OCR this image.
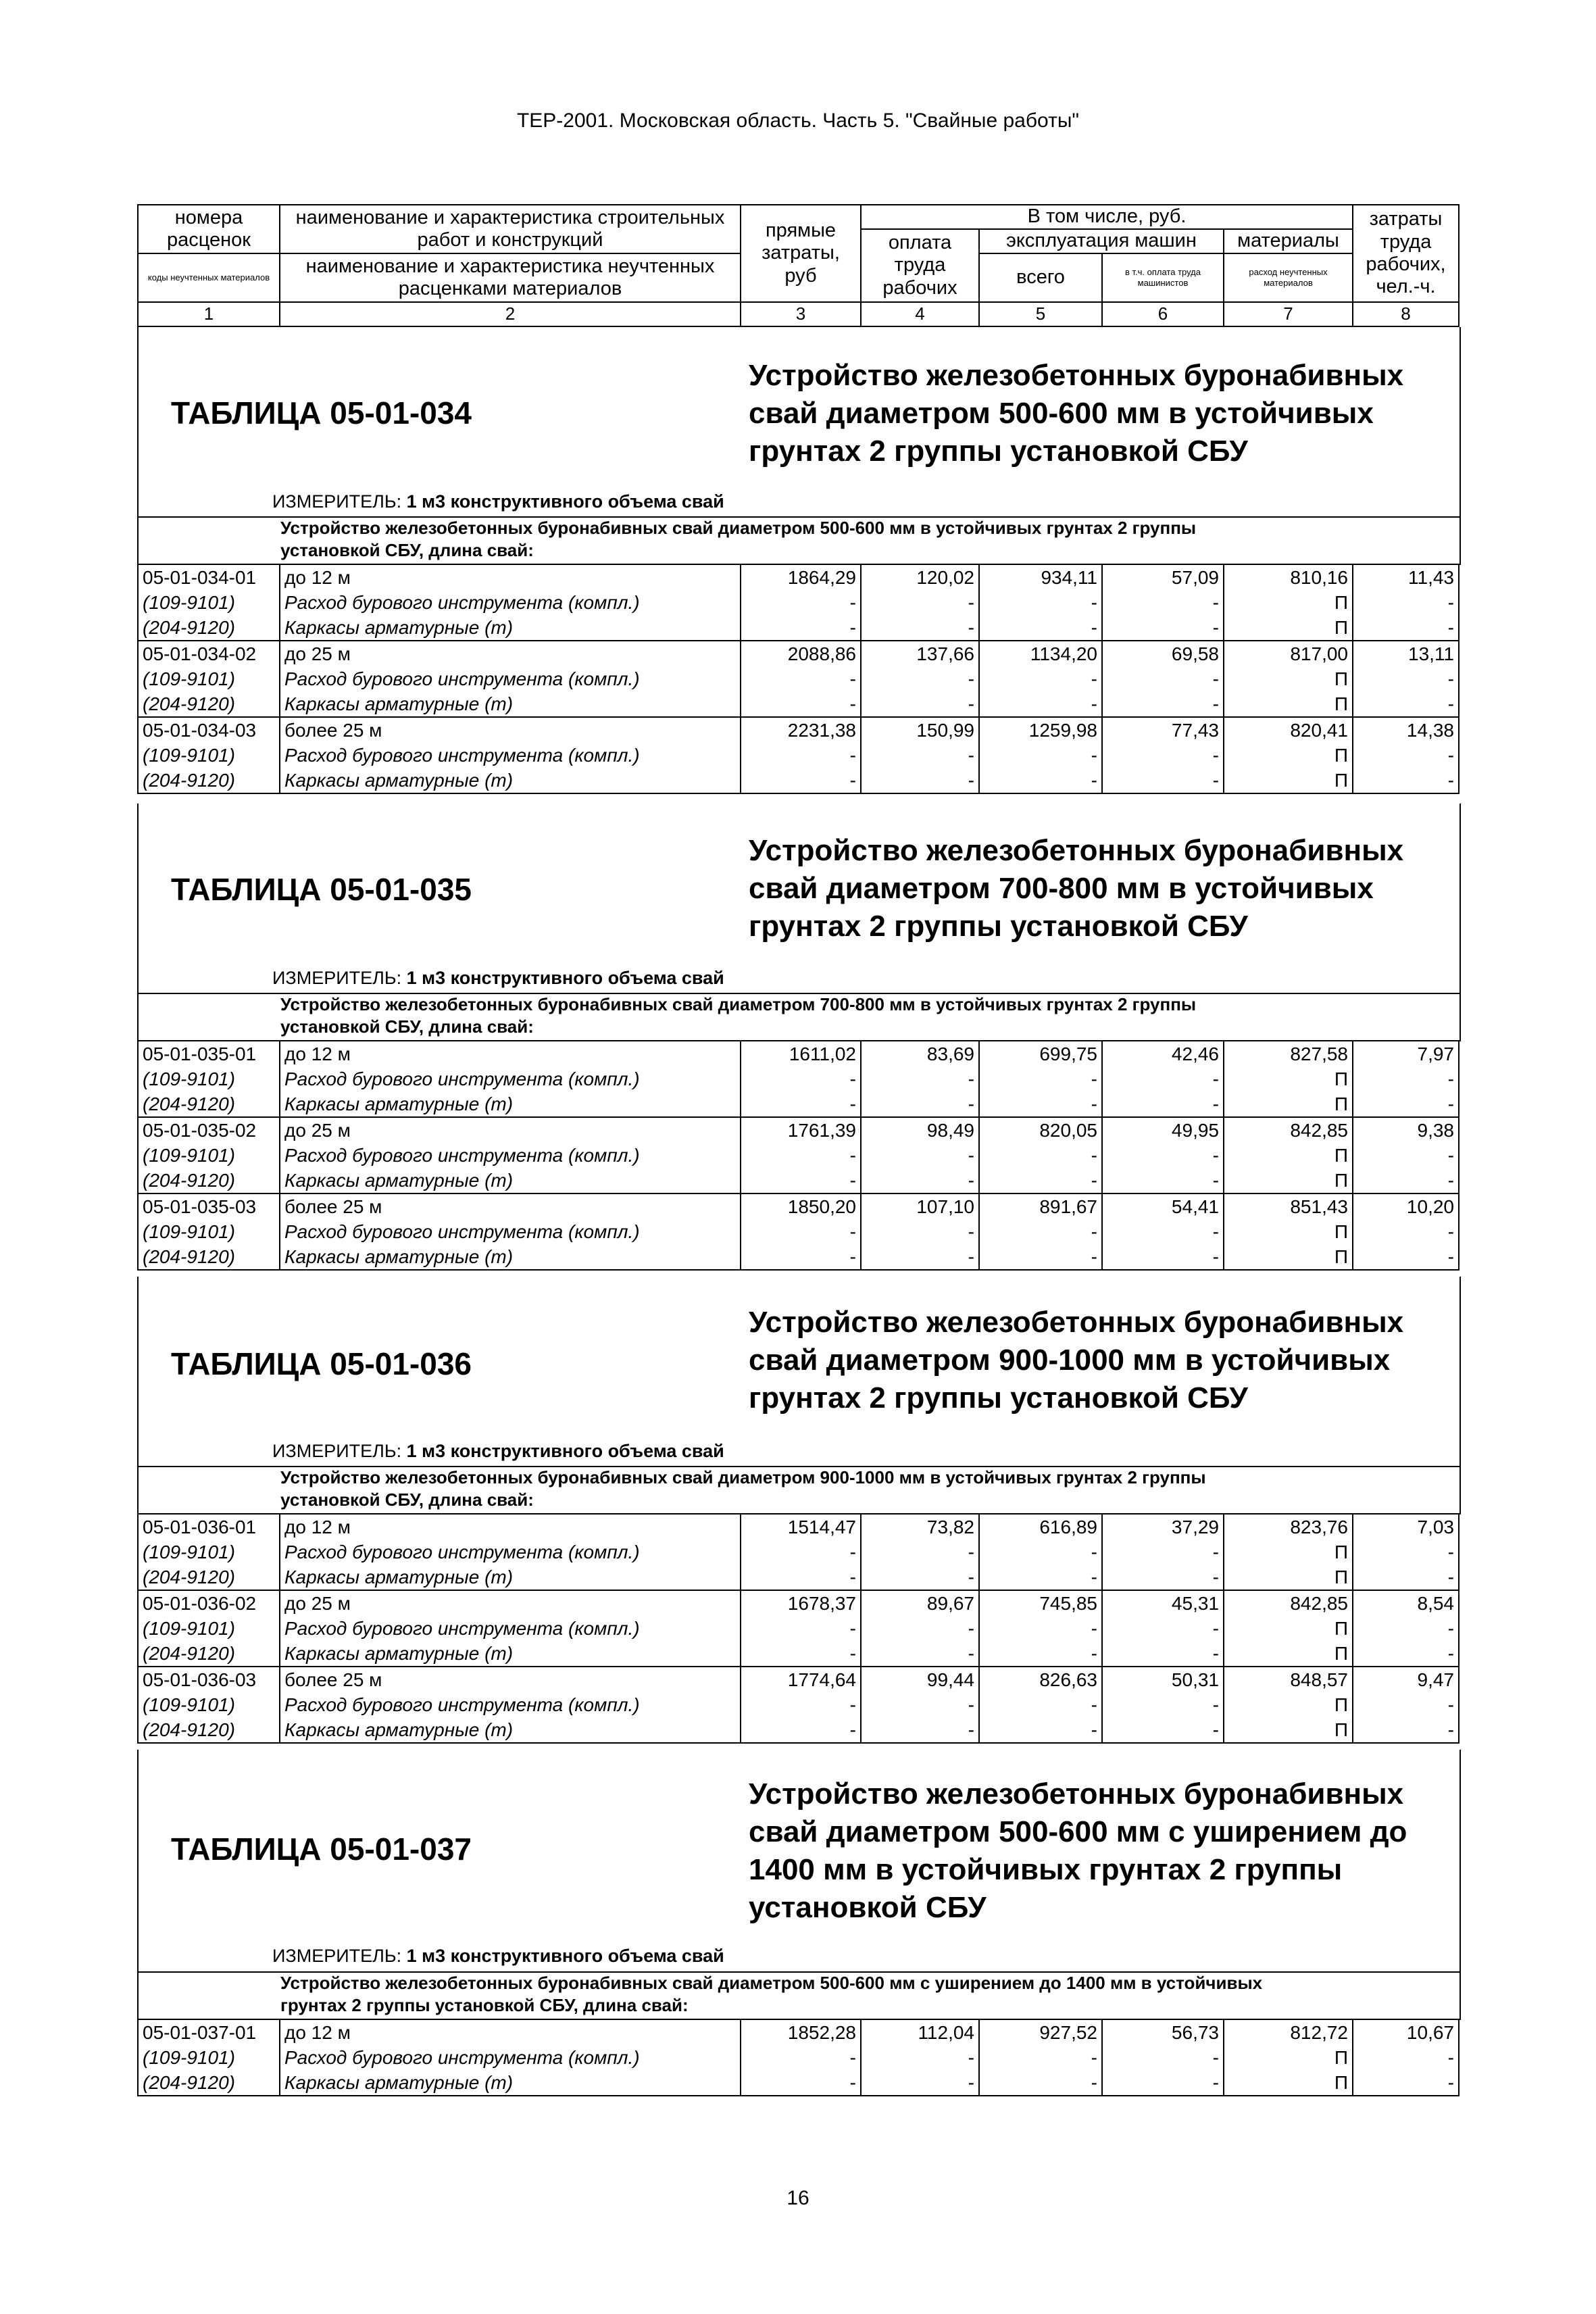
ТЕР-2001. Московская область. Часть 5. "Свайные работы"
номера расценок	наименование и характеристика строительных работ и конструкций	прямые затраты, руб	В том числе, руб.				затраты труда рабочих, чел.-ч.
			оплата труда рабочих	эксплуатация машин		материалы	
коды неучтенных материалов	наименование и характеристика неучтенных расценками материалов			всего	в т.ч. оплата труда машинистов	расход неучтенных материалов	

1	2	3	4	5	6	7	8
ТАБЛИЦА 05-01-034
Устройство железобетонных буронабивных
свай диаметром 500-600 мм в устойчивых
грунтах 2 группы установкой СБУ
ИЗМЕРИТЕЛЬ: 1 м3 конструктивного объема свай
Устройство железобетонных буронабивных свай диаметром 500-600 мм в устойчивых грунтах 2 группы
установкой СБУ, длина свай:
05-01-034-01	до 12 м	1864,29	120,02	934,11	57,09	810,16	11,43
(109-9101)	Расход бурового инструмента (компл.)	-	-	-	-	П	-
(204-9120)	Каркасы арматурные (т)	-	-	-	-	П	-
05-01-034-02	до 25 м	2088,86	137,66	1134,20	69,58	817,00	13,11
(109-9101)	Расход бурового инструмента (компл.)	-	-	-	-	П	-
(204-9120)	Каркасы арматурные (т)	-	-	-	-	П	-
05-01-034-03	более 25 м	2231,38	150,99	1259,98	77,43	820,41	14,38
(109-9101)	Расход бурового инструмента (компл.)	-	-	-	-	П	-
(204-9120)	Каркасы арматурные (т)	-	-	-	-	П	-
ТАБЛИЦА 05-01-035
Устройство железобетонных буронабивных
свай диаметром 700-800 мм в устойчивых
грунтах 2 группы установкой СБУ
ИЗМЕРИТЕЛЬ: 1 м3 конструктивного объема свай
Устройство железобетонных буронабивных свай диаметром 700-800 мм в устойчивых грунтах 2 группы
установкой СБУ, длина свай:
05-01-035-01	до 12 м	1611,02	83,69	699,75	42,46	827,58	7,97
(109-9101)	Расход бурового инструмента (компл.)	-	-	-	-	П	-
(204-9120)	Каркасы арматурные (т)	-	-	-	-	П	-
05-01-035-02	до 25 м	1761,39	98,49	820,05	49,95	842,85	9,38
(109-9101)	Расход бурового инструмента (компл.)	-	-	-	-	П	-
(204-9120)	Каркасы арматурные (т)	-	-	-	-	П	-
05-01-035-03	более 25 м	1850,20	107,10	891,67	54,41	851,43	10,20
(109-9101)	Расход бурового инструмента (компл.)	-	-	-	-	П	-
(204-9120)	Каркасы арматурные (т)	-	-	-	-	П	-
ТАБЛИЦА 05-01-036
Устройство железобетонных буронабивных
свай диаметром 900-1000 мм в устойчивых
грунтах 2 группы установкой СБУ
ИЗМЕРИТЕЛЬ: 1 м3 конструктивного объема свай
Устройство железобетонных буронабивных свай диаметром 900-1000 мм в устойчивых грунтах 2 группы
установкой СБУ, длина свай:
05-01-036-01	до 12 м	1514,47	73,82	616,89	37,29	823,76	7,03
(109-9101)	Расход бурового инструмента (компл.)	-	-	-	-	П	-
(204-9120)	Каркасы арматурные (т)	-	-	-	-	П	-
05-01-036-02	до 25 м	1678,37	89,67	745,85	45,31	842,85	8,54
(109-9101)	Расход бурового инструмента (компл.)	-	-	-	-	П	-
(204-9120)	Каркасы арматурные (т)	-	-	-	-	П	-
05-01-036-03	более 25 м	1774,64	99,44	826,63	50,31	848,57	9,47
(109-9101)	Расход бурового инструмента (компл.)	-	-	-	-	П	-
(204-9120)	Каркасы арматурные (т)	-	-	-	-	П	-
ТАБЛИЦА 05-01-037
Устройство железобетонных буронабивных
свай диаметром 500-600 мм с уширением до
1400 мм в устойчивых грунтах 2 группы
установкой СБУ
ИЗМЕРИТЕЛЬ: 1 м3 конструктивного объема свай
Устройство железобетонных буронабивных свай диаметром 500-600 мм с уширением до 1400 мм в устойчивых
грунтах 2 группы установкой СБУ, длина свай:
05-01-037-01	до 12 м	1852,28	112,04	927,52	56,73	812,72	10,67
(109-9101)	Расход бурового инструмента (компл.)	-	-	-	-	П	-
(204-9120)	Каркасы арматурные (т)	-	-	-	-	П	-
16
